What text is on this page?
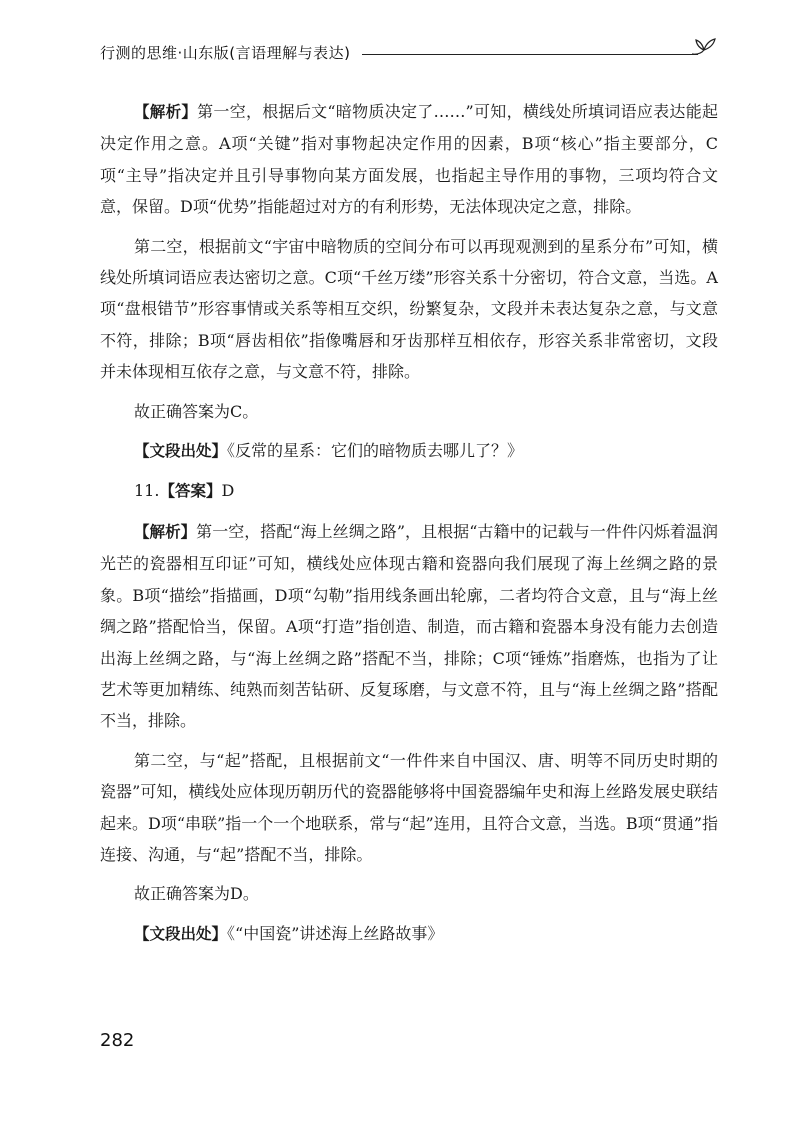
行测的思维·山东版(言语理解与表达)

【解析】第一空，根据后文“暗物质决定了……”可知，横线处所填词语应表达能起决定作用之意。A项“关键”指对事物起决定作用的因素，B项“核心”指主要部分，C项“主导”指决定并且引导事物向某方面发展，也指起主导作用的事物，三项均符合文意，保留。D项“优势”指能超过对方的有利形势，无法体现决定之意，排除。

第二空，根据前文“宇宙中暗物质的空间分布可以再现观测到的星系分布”可知，横线处所填词语应表达密切之意。C项“千丝万缕”形容关系十分密切，符合文意，当选。A项“盘根错节”形容事情或关系等相互交织，纷繁复杂，文段并未表达复杂之意，与文意不符，排除；B项“唇齿相依”指像嘴唇和牙齿那样互相依存，形容关系非常密切，文段并未体现相互依存之意，与文意不符，排除。

故正确答案为C。

【文段出处】《反常的星系：它们的暗物质去哪儿了？》

11.【答案】D

【解析】第一空，搭配“海上丝绸之路”，且根据“古籍中的记载与一件件闪烁着温润光芒的瓷器相互印证”可知，横线处应体现古籍和瓷器向我们展现了海上丝绸之路的景象。B项“描绘”指描画，D项“勾勒”指用线条画出轮廓，二者均符合文意，且与“海上丝绸之路”搭配恰当，保留。A项“打造”指创造、制造，而古籍和瓷器本身没有能力去创造出海上丝绸之路，与“海上丝绸之路”搭配不当，排除；C项“锤炼”指磨炼，也指为了让艺术等更加精练、纯熟而刻苦钻研、反复琢磨，与文意不符，且与“海上丝绸之路”搭配不当，排除。

第二空，与“起”搭配，且根据前文“一件件来自中国汉、唐、明等不同历史时期的瓷器”可知，横线处应体现历朝历代的瓷器能够将中国瓷器编年史和海上丝路发展史联结起来。D项“串联”指一个一个地联系，常与“起”连用，且符合文意，当选。B项“贯通”指连接、沟通，与“起”搭配不当，排除。

故正确答案为D。

【文段出处】《“中国瓷”讲述海上丝路故事》

282
